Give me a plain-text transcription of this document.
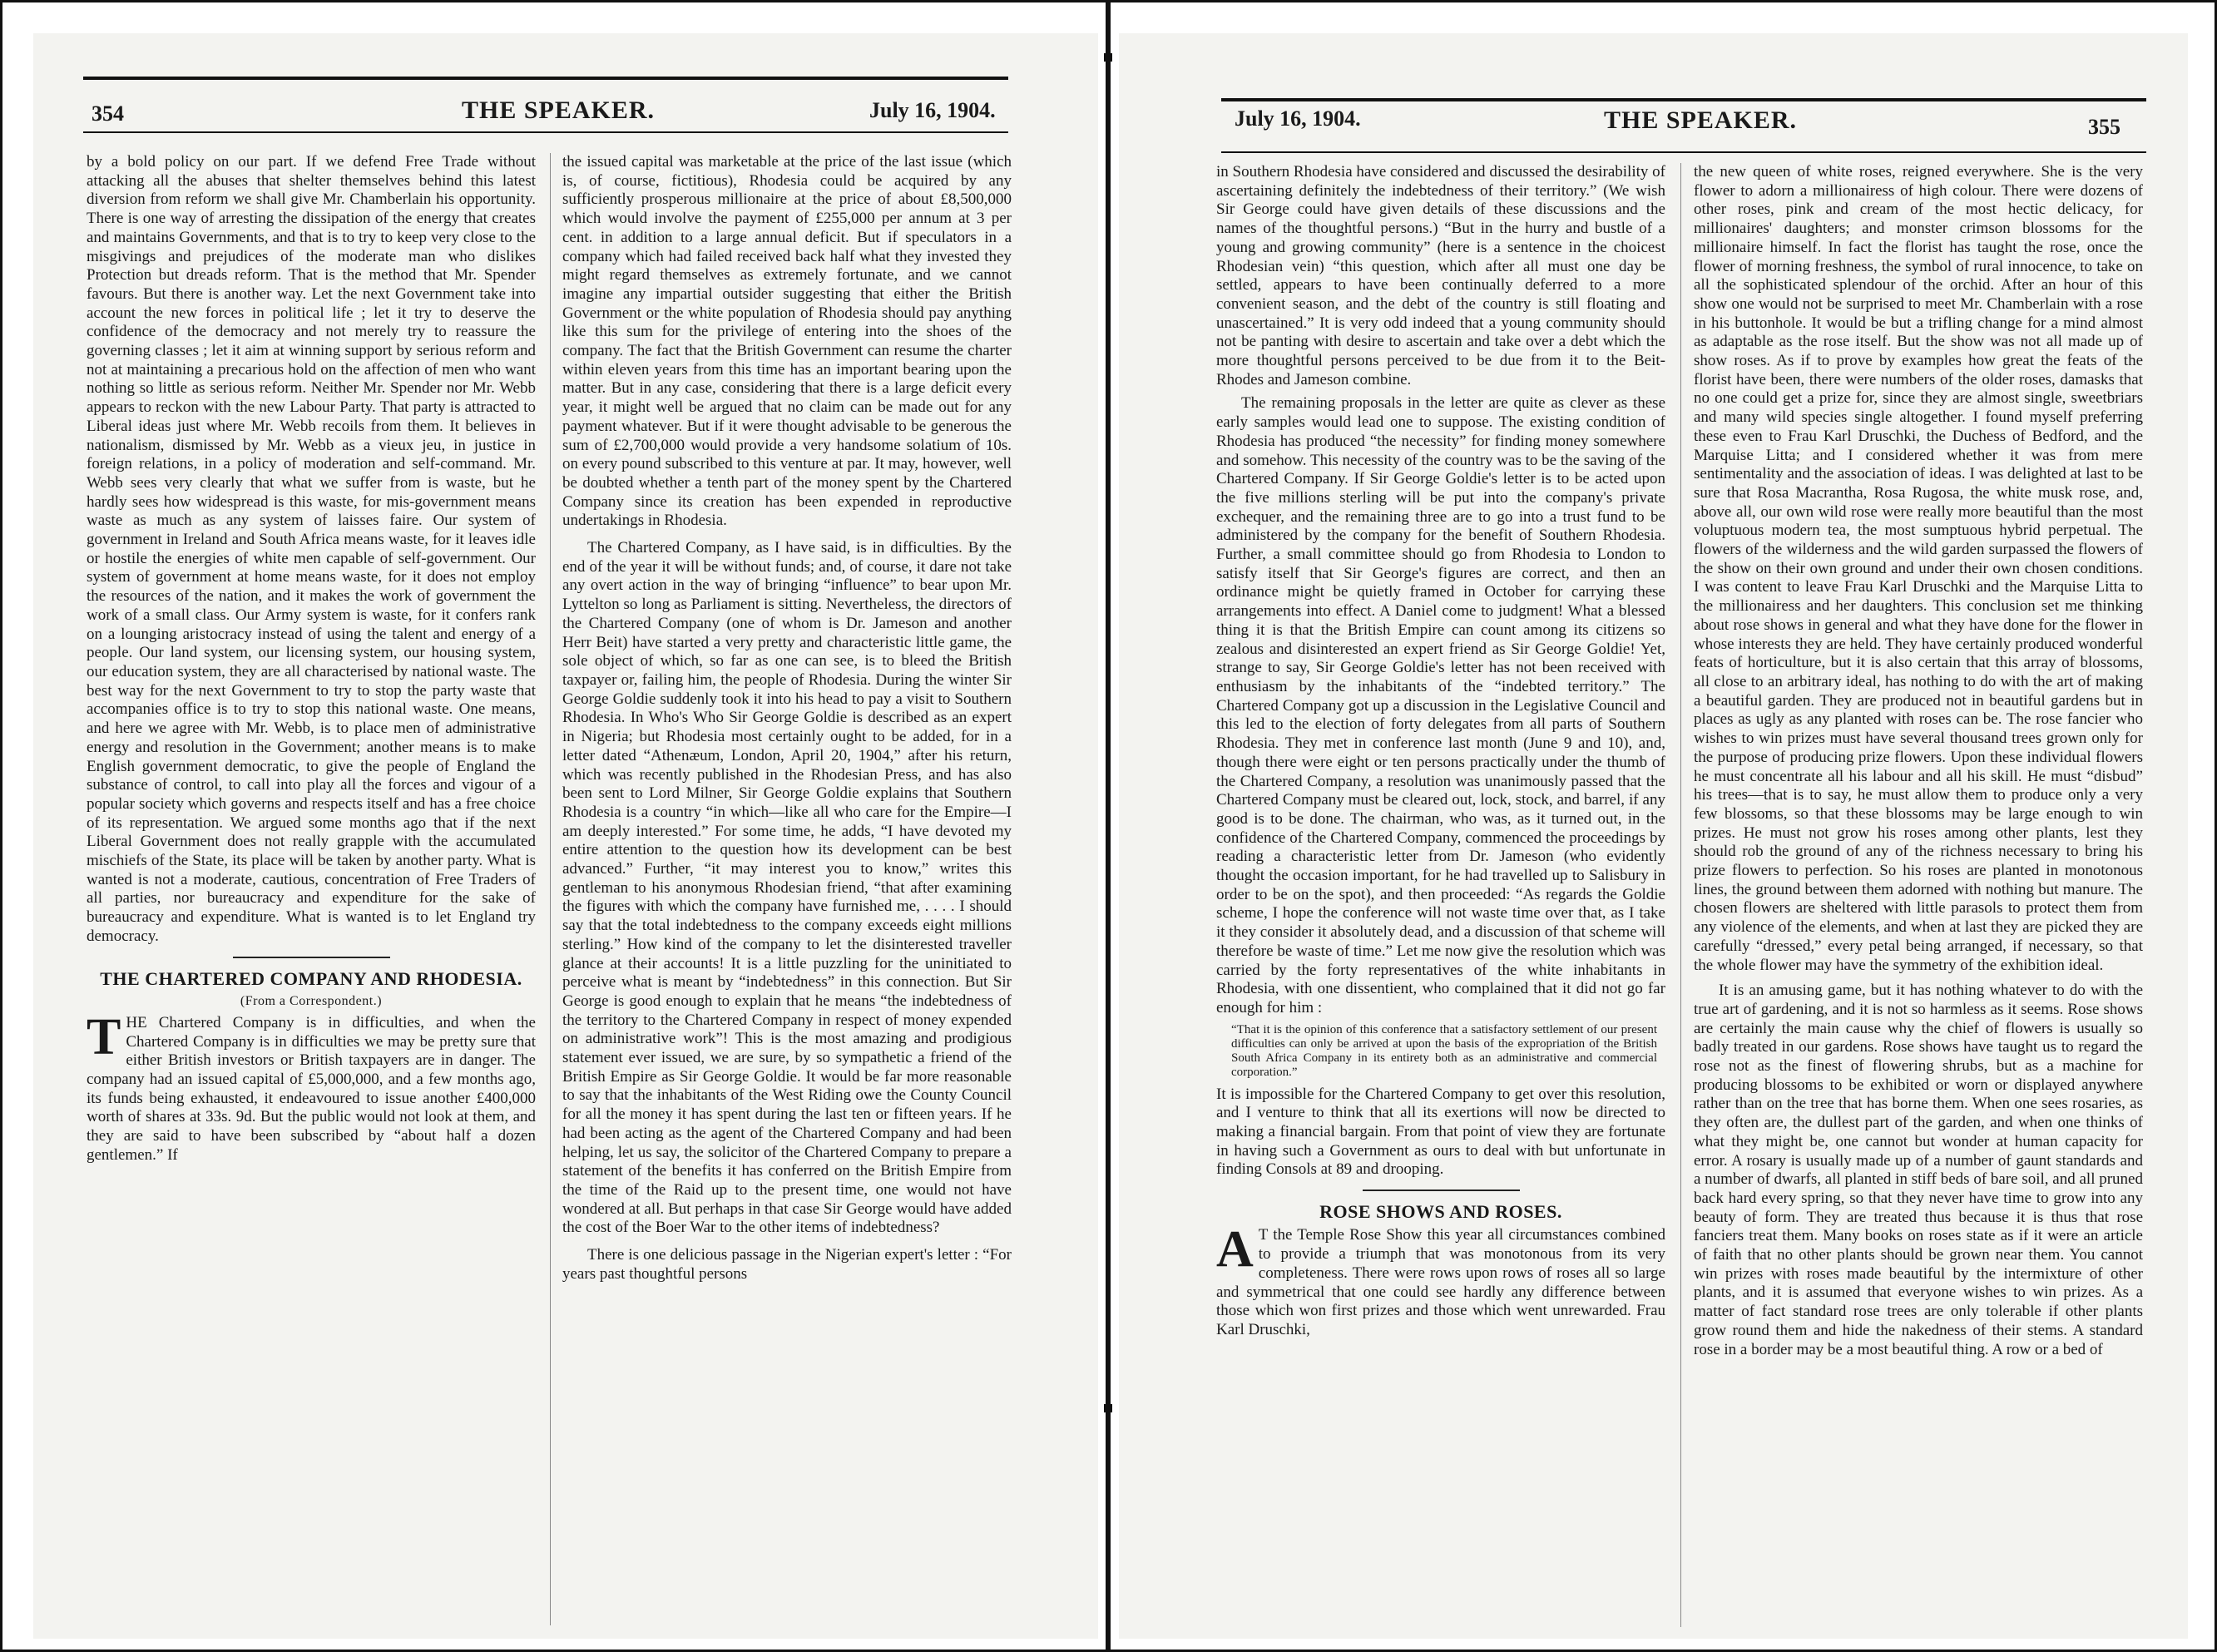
354	THE SPEAKER.	July 16, 1904.	July 16, 1904.	THE SPEAKER.	355

by a bold policy on our part. If we defend Free Trade without attacking all the abuses that shelter themselves behind this latest diversion from reform we shall give Mr. Chamberlain his opportunity. There is one way of arresting the dissipation of the energy that creates and maintains Governments, and that is to try to keep very close to the misgivings and prejudices of the moderate man who dislikes Protection but dreads reform. That is the method that Mr. Spender favours. But there is another way. Let the next Government take into account the new forces in political life ; let it try to deserve the confidence of the democracy and not merely try to reassure the governing classes ; let it aim at winning support by serious reform and not at maintaining a precarious hold on the affection of men who want nothing so little as serious reform. Neither Mr. Spender nor Mr. Webb appears to reckon with the new Labour Party. That party is attracted to Liberal ideas just where Mr. Webb recoils from them. It believes in nationalism, dismissed by Mr. Webb as a vieux jeu, in justice in foreign relations, in a policy of moderation and self-command. Mr. Webb sees very clearly that what we suffer from is waste, but he hardly sees how widespread is this waste, for mis-government means waste as much as any system of laisses faire. Our system of government in Ireland and South Africa means waste, for it leaves idle or hostile the energies of white men capable of self-government. Our system of government at home means waste, for it does not employ the resources of the nation, and it makes the work of government the work of a small class. Our Army system is waste, for it confers rank on a lounging aristocracy instead of using the talent and energy of a people. Our land system, our licensing system, our housing system, our education system, they are all characterised by national waste. The best way for the next Government to try to stop the party waste that accompanies office is to try to stop this national waste. One means, and here we agree with Mr. Webb, is to place men of administrative energy and resolution in the Government; another means is to make English government democratic, to give the people of England the substance of control, to call into play all the forces and vigour of a popular society which governs and respects itself and has a free choice of its representation. We argued some months ago that if the next Liberal Government does not really grapple with the accumulated mischiefs of the State, its place will be taken by another party. What is wanted is not a moderate, cautious, concentration of Free Traders of all parties, nor bureaucracy and expenditure for the sake of bureaucracy and expenditure. What is wanted is to let England try democracy.

THE CHARTERED COMPANY AND RHODESIA.
(From a Correspondent.)

THE Chartered Company is in difficulties, and when the Chartered Company is in difficulties we may be pretty sure that either British investors or British taxpayers are in danger. The company had an issued capital of £5,000,000, and a few months ago, its funds being exhausted, it endeavoured to issue another £400,000 worth of shares at 33s. 9d. But the public would not look at them, and they are said to have been subscribed by “about half a dozen gentlemen.” If

the issued capital was marketable at the price of the last issue (which is, of course, fictitious), Rhodesia could be acquired by any sufficiently prosperous millionaire at the price of about £8,500,000 which would involve the payment of £255,000 per annum at 3 per cent. in addition to a large annual deficit. But if speculators in a company which had failed received back half what they invested they might regard themselves as extremely fortunate, and we cannot imagine any impartial outsider suggesting that either the British Government or the white population of Rhodesia should pay anything like this sum for the privilege of entering into the shoes of the company. The fact that the British Government can resume the charter within eleven years from this time has an important bearing upon the matter. But in any case, considering that there is a large deficit every year, it might well be argued that no claim can be made out for any payment whatever. But if it were thought advisable to be generous the sum of £2,700,000 would provide a very handsome solatium of 10s. on every pound subscribed to this venture at par. It may, however, well be doubted whether a tenth part of the money spent by the Chartered Company since its creation has been expended in reproductive undertakings in Rhodesia.

The Chartered Company, as I have said, is in difficulties. By the end of the year it will be without funds; and, of course, it dare not take any overt action in the way of bringing “influence” to bear upon Mr. Lyttelton so long as Parliament is sitting. Nevertheless, the directors of the Chartered Company (one of whom is Dr. Jameson and another Herr Beit) have started a very pretty and characteristic little game, the sole object of which, so far as one can see, is to bleed the British taxpayer or, failing him, the people of Rhodesia. During the winter Sir George Goldie suddenly took it into his head to pay a visit to Southern Rhodesia. In Who's Who Sir George Goldie is described as an expert in Nigeria; but Rhodesia most certainly ought to be added, for in a letter dated “Athenæum, London, April 20, 1904,” after his return, which was recently published in the Rhodesian Press, and has also been sent to Lord Milner, Sir George Goldie explains that Southern Rhodesia is a country “in which—like all who care for the Empire—I am deeply interested.” For some time, he adds, “I have devoted my entire attention to the question how its development can be best advanced.” Further, “it may interest you to know,” writes this gentleman to his anonymous Rhodesian friend, “that after examining the figures with which the company have furnished me, . . . . I should say that the total indebtedness to the company exceeds eight millions sterling.” How kind of the company to let the disinterested traveller glance at their accounts! It is a little puzzling for the uninitiated to perceive what is meant by “indebtedness” in this connection. But Sir George is good enough to explain that he means “the indebtedness of the territory to the Chartered Company in respect of money expended on administrative work”! This is the most amazing and prodigious statement ever issued, we are sure, by so sympathetic a friend of the British Empire as Sir George Goldie. It would be far more reasonable to say that the inhabitants of the West Riding owe the County Council for all the money it has spent during the last ten or fifteen years. If he had been acting as the agent of the Chartered Company and had been helping, let us say, the solicitor of the Chartered Company to prepare a statement of the benefits it has conferred on the British Empire from the time of the Raid up to the present time, one would not have wondered at all. But perhaps in that case Sir George would have added the cost of the Boer War to the other items of indebtedness?

There is one delicious passage in the Nigerian expert's letter : “For years past thoughtful persons

in Southern Rhodesia have considered and discussed the desirability of ascertaining definitely the indebtedness of their territory.” (We wish Sir George could have given details of these discussions and the names of the thoughtful persons.) “But in the hurry and bustle of a young and growing community” (here is a sentence in the choicest Rhodesian vein) “this question, which after all must one day be settled, appears to have been continually deferred to a more convenient season, and the debt of the country is still floating and unascertained.” It is very odd indeed that a young community should not be panting with desire to ascertain and take over a debt which the more thoughtful persons perceived to be due from it to the Beit-Rhodes and Jameson combine.

The remaining proposals in the letter are quite as clever as these early samples would lead one to suppose. The existing condition of Rhodesia has produced “the necessity” for finding money somewhere and somehow. This necessity of the country was to be the saving of the Chartered Company. If Sir George Goldie's letter is to be acted upon the five millions sterling will be put into the company's private exchequer, and the remaining three are to go into a trust fund to be administered by the company for the benefit of Southern Rhodesia. Further, a small committee should go from Rhodesia to London to satisfy itself that Sir George's figures are correct, and then an ordinance might be quietly framed in October for carrying these arrangements into effect. A Daniel come to judgment! What a blessed thing it is that the British Empire can count among its citizens so zealous and disinterested an expert friend as Sir George Goldie! Yet, strange to say, Sir George Goldie's letter has not been received with enthusiasm by the inhabitants of the “indebted territory.” The Chartered Company got up a discussion in the Legislative Council and this led to the election of forty delegates from all parts of Southern Rhodesia. They met in conference last month (June 9 and 10), and, though there were eight or ten persons practically under the thumb of the Chartered Company, a resolution was unanimously passed that the Chartered Company must be cleared out, lock, stock, and barrel, if any good is to be done. The chairman, who was, as it turned out, in the confidence of the Chartered Company, commenced the proceedings by reading a characteristic letter from Dr. Jameson (who evidently thought the occasion important, for he had travelled up to Salisbury in order to be on the spot), and then proceeded: “As regards the Goldie scheme, I hope the conference will not waste time over that, as I take it they consider it absolutely dead, and a discussion of that scheme will therefore be waste of time.” Let me now give the resolution which was carried by the forty representatives of the white inhabitants in Rhodesia, with one dissentient, who complained that it did not go far enough for him :

“That it is the opinion of this conference that a satisfactory settlement of our present difficulties can only be arrived at upon the basis of the expropriation of the British South Africa Company in its entirety both as an administrative and commercial corporation.”

It is impossible for the Chartered Company to get over this resolution, and I venture to think that all its exertions will now be directed to making a financial bargain. From that point of view they are fortunate in having such a Government as ours to deal with but unfortunate in finding Consols at 89 and drooping.

ROSE SHOWS AND ROSES.

A T the Temple Rose Show this year all circumstances combined to provide a triumph that was monotonous from its very completeness. There were rows upon rows of roses all so large and symmetrical that one could see hardly any difference between those which won first prizes and those which went unrewarded. Frau Karl Druschki,

the new queen of white roses, reigned everywhere. She is the very flower to adorn a millionairess of high colour. There were dozens of other roses, pink and cream of the most hectic delicacy, for millionaires' daughters; and monster crimson blossoms for the millionaire himself. In fact the florist has taught the rose, once the flower of morning freshness, the symbol of rural innocence, to take on all the sophisticated splendour of the orchid. After an hour of this show one would not be surprised to meet Mr. Chamberlain with a rose in his buttonhole. It would be but a trifling change for a mind almost as adaptable as the rose itself. But the show was not all made up of show roses. As if to prove by examples how great the feats of the florist have been, there were numbers of the older roses, damasks that no one could get a prize for, since they are almost single, sweetbriars and many wild species single altogether. I found myself preferring these even to Frau Karl Druschki, the Duchess of Bedford, and the Marquise Litta; and I considered whether it was from mere sentimentality and the association of ideas. I was delighted at last to be sure that Rosa Macrantha, Rosa Rugosa, the white musk rose, and, above all, our own wild rose were really more beautiful than the most voluptuous modern tea, the most sumptuous hybrid perpetual. The flowers of the wilderness and the wild garden surpassed the flowers of the show on their own ground and under their own chosen conditions. I was content to leave Frau Karl Druschki and the Marquise Litta to the millionairess and her daughters. This conclusion set me thinking about rose shows in general and what they have done for the flower in whose interests they are held. They have certainly produced wonderful feats of horticulture, but it is also certain that this array of blossoms, all close to an arbitrary ideal, has nothing to do with the art of making a beautiful garden. They are produced not in beautiful gardens but in places as ugly as any planted with roses can be. The rose fancier who wishes to win prizes must have several thousand trees grown only for the purpose of producing prize flowers. Upon these individual flowers he must concentrate all his labour and all his skill. He must “disbud” his trees—that is to say, he must allow them to produce only a very few blossoms, so that these blossoms may be large enough to win prizes. He must not grow his roses among other plants, lest they should rob the ground of any of the richness necessary to bring his prize flowers to perfection. So his roses are planted in monotonous lines, the ground between them adorned with nothing but manure. The chosen flowers are sheltered with little parasols to protect them from any violence of the elements, and when at last they are picked they are carefully “dressed,” every petal being arranged, if necessary, so that the whole flower may have the symmetry of the exhibition ideal.

It is an amusing game, but it has nothing whatever to do with the true art of gardening, and it is not so harmless as it seems. Rose shows are certainly the main cause why the chief of flowers is usually so badly treated in our gardens. Rose shows have taught us to regard the rose not as the finest of flowering shrubs, but as a machine for producing blossoms to be exhibited or worn or displayed anywhere rather than on the tree that has borne them. When one sees rosaries, as they often are, the dullest part of the garden, and when one thinks of what they might be, one cannot but wonder at human capacity for error. A rosary is usually made up of a number of gaunt standards and a number of dwarfs, all planted in stiff beds of bare soil, and all pruned back hard every spring, so that they never have time to grow into any beauty of form. They are treated thus because it is thus that rose fanciers treat them. Many books on roses state as if it were an article of faith that no other plants should be grown near them. You cannot win prizes with roses made beautiful by the intermixture of other plants, and it is assumed that everyone wishes to win prizes. As a matter of fact standard rose trees are only tolerable if other plants grow round them and hide the nakedness of their stems. A standard rose in a border may be a most beautiful thing. A row or a bed of
